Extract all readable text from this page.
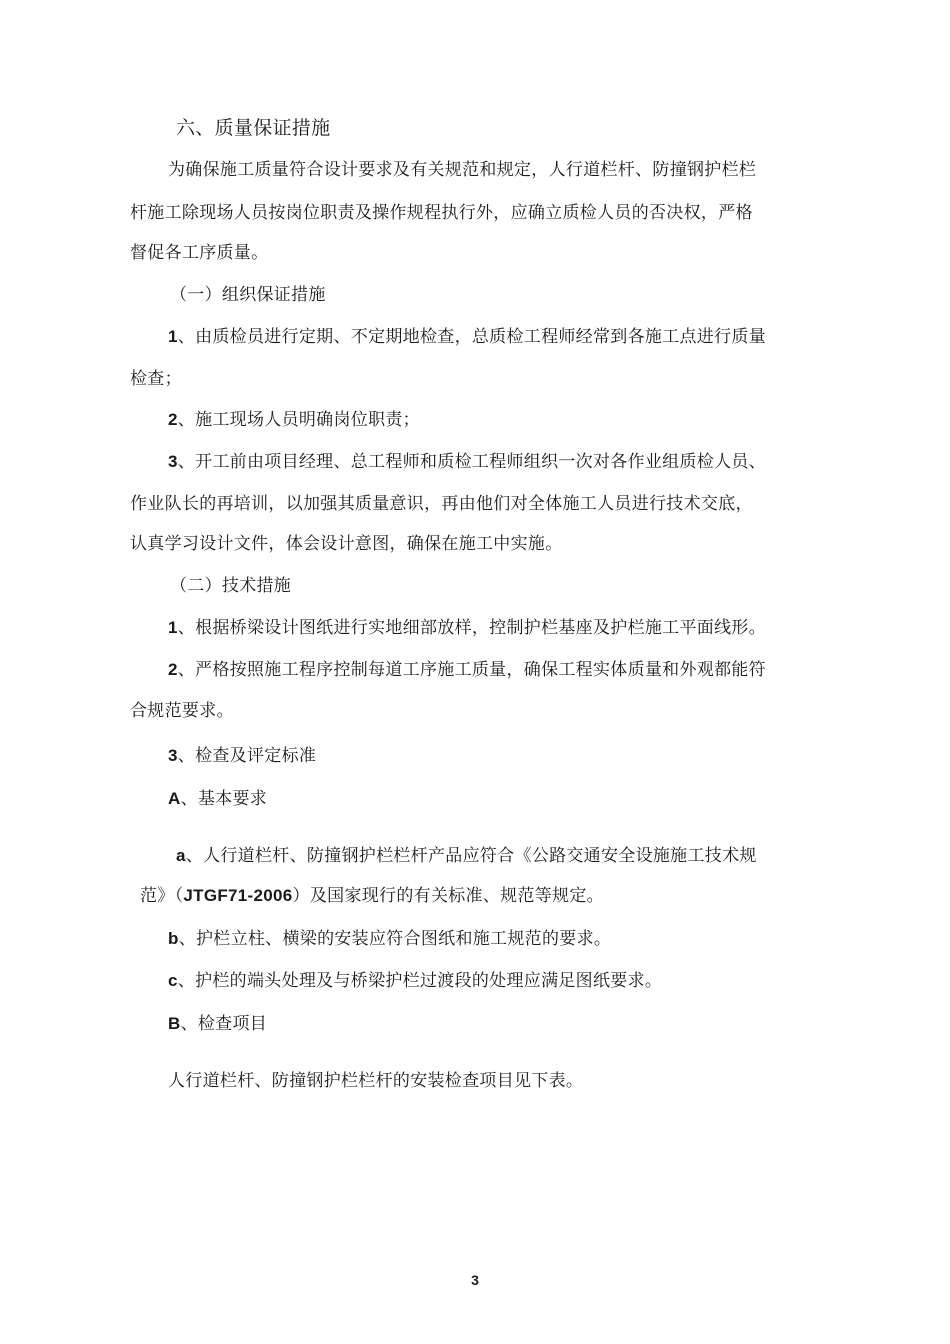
六、质量保证措施
为确保施工质量符合设计要求及有关规范和规定，人行道栏杆、防撞钢护栏栏
杆施工除现场人员按岗位职责及操作规程执行外，应确立质检人员的否决权，严格
督促各工序质量。
（一）组织保证措施
1、由质检员进行定期、不定期地检查，总质检工程师经常到各施工点进行质量
检查；
2、施工现场人员明确岗位职责；
3、开工前由项目经理、总工程师和质检工程师组织一次对各作业组质检人员、
作业队长的再培训，以加强其质量意识，再由他们对全体施工人员进行技术交底，
认真学习设计文件，体会设计意图，确保在施工中实施。
（二）技术措施
1、根据桥梁设计图纸进行实地细部放样，控制护栏基座及护栏施工平面线形。
2、严格按照施工程序控制每道工序施工质量，确保工程实体质量和外观都能符
合规范要求。
3、检查及评定标准
A、基本要求
a、人行道栏杆、防撞钢护栏栏杆产品应符合《公路交通安全设施施工技术规
范》（JTGF71-2006）及国家现行的有关标准、规范等规定。
b、护栏立柱、横梁的安装应符合图纸和施工规范的要求。
c、护栏的端头处理及与桥梁护栏过渡段的处理应满足图纸要求。
B、检查项目
人行道栏杆、防撞钢护栏栏杆的安装检查项目见下表。
3
